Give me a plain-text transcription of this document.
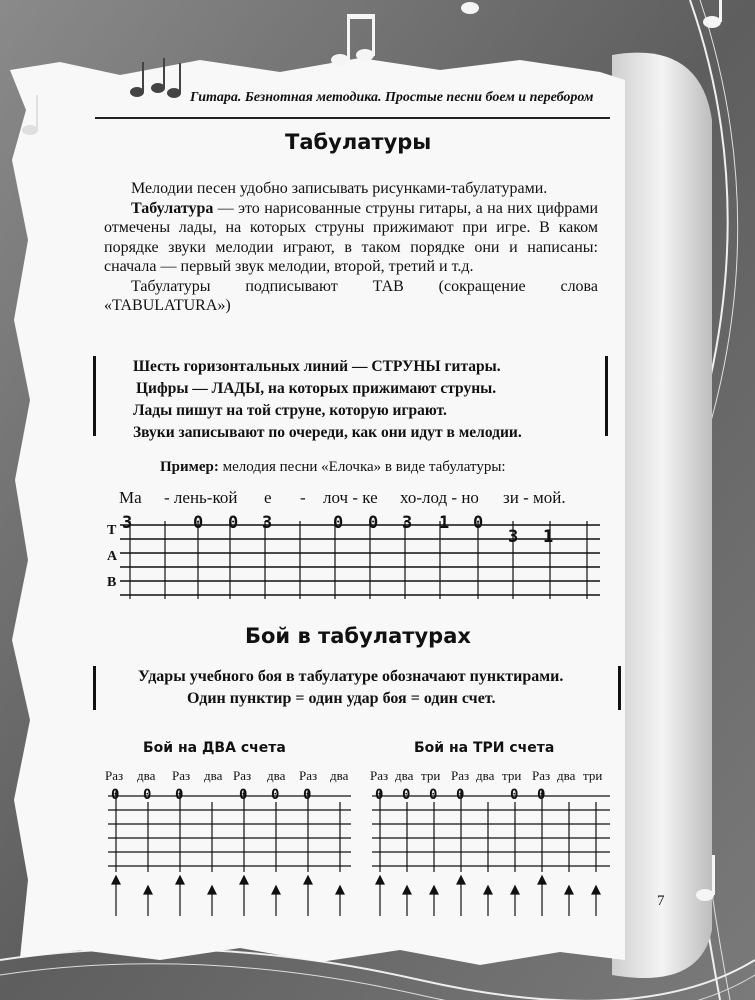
Гитара. Безнотная методика. Простые песни боем и перебором
Табулатуры

Мелодии песен удобно записывать рисунками-табулатурами.

Табулатура — это нарисованные струны гитары, а на них цифрами отмечены лады, на которых струны прижимают при игре. В каком порядке звуки мелодии играют, в таком порядке они и написаны: сначала — первый звук мелодии, второй, третий и т.д.

Табулатуры подписывают ТАВ (сокращение слова «TABULATURA»)

Шесть горизонтальных линий — СТРУНЫ гитары.
Цифры — ЛАДЫ, на которых прижимают струны.
Лады пишут на той струне, которую играют.
Звуки записывают по очереди, как они идут в мелодии.
Пример: мелодия песни «Елочка» в виде табулатуры:
Ма - лень-кой е - лоч - ке хо-лод - но зи - мой.
T
A
B
3	0 0 3	0 0 3 1 0
3 1
Бой в табулатурах
Удары учебного боя в табулатуре обозначают пунктирами.
Один пунктир = один удар боя = один счет.
Бой на ДВА счета
Раз два Раз два Раз два Раз два
0 0 0	0 0 0
Бой на ТРИ счета
Раз два три Раз два три Раз два три
0 0 0 0	0 0
7
